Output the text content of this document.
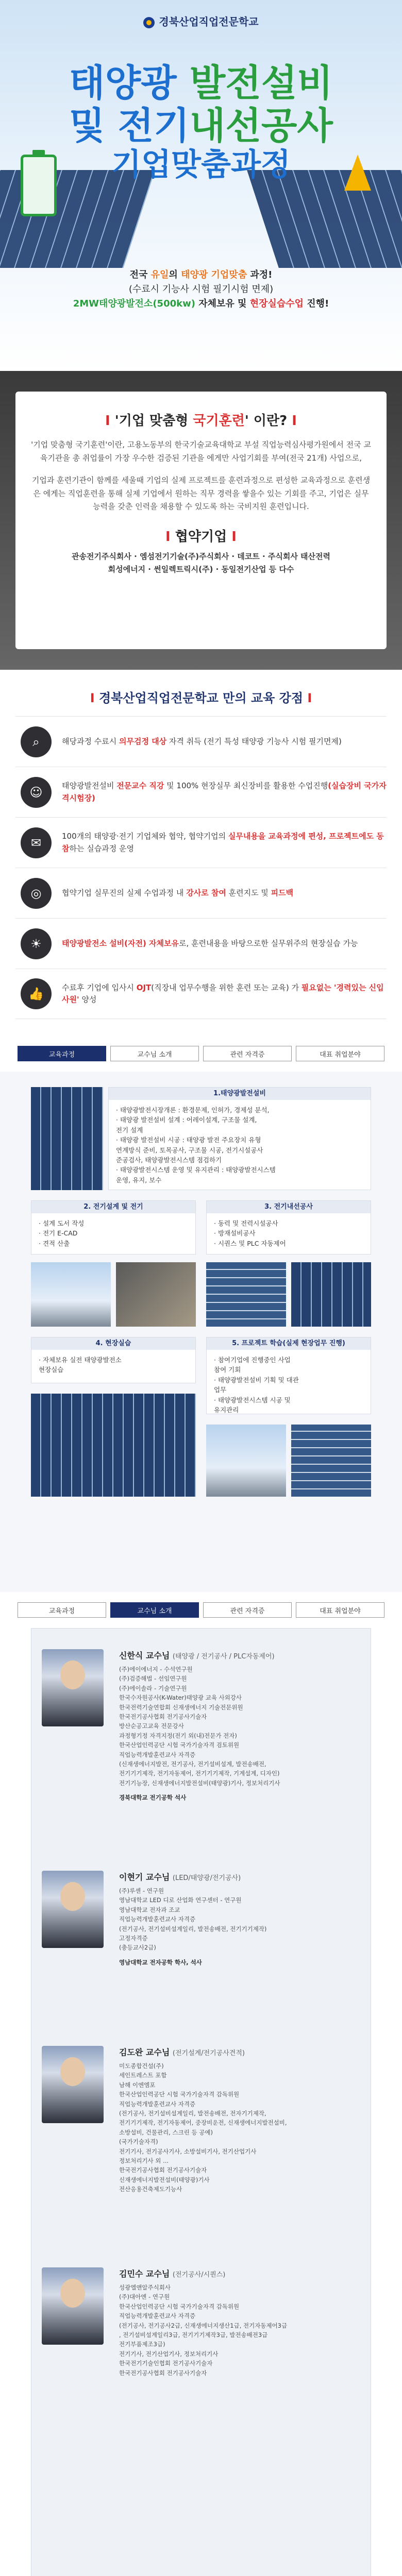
경북산업직업전문학교
태양광 발전설비
및 전기내선공사
기업맞춤과정
전국 유일의 태양광 기업맞춤 과정!
(수료시 기능사 시험 필기시험 면제)
2MW태양광발전소(500kw) 자체보유 및 현장실습수업 진행!
I '기업 맞춤형 국기훈련' 이란? I

'기업 맞춤형 국기훈련'이란, 고용노동부의 한국기술교육대학교 부설 직업능력심사평가원에서 전국 교육기관을 총 취업률이 가장 우수한 검증된 기관을 에게만 사업기회를 부여(전국 21개) 사업으로,

기업과 훈련기관이 함께를 세울때 기업의 실제 프로젝트를 훈련과정으로 편성한 교육과정으로 훈련생은 에게는 직업훈련을 통해 실제 기업에서 원하는 직무 경력을 쌓을수 있는 기회를 주고, 기업은 실무능력을 갖춘 인력을 채용할 수 있도록 하는 국비지원 훈련입니다.

I 협약기업 I
관송전기주식회사 · 엠섬전기기술(주)주식회사 · 데코트 · 주식회사 태산전력
회성에너지 · 썬일렉트릭시(주) · 동일전기산업 등 다수
I 경북산업직업전문학교 만의 교육 강점 I
⌕	해당과정 수료시 의무검정 대상 자격 취득 (전기 특성 태양광 기능사 시험 필기면제)
☺	태양광발전설비 전문교수 직강 및 100% 현장실무 최신장비를 활용한 수업진행(실습장비 국가자격시험장)
✉	100개의 태양광·전기 기업체와 협약, 협약기업의 실무내용을 교육과정에 편성, 프로젝트에도 동참하는 실습과정 운영
◎	협약기업 실무진의 실제 수업과정 내 강사로 참여 훈련지도 및 피드백
☀	태양광발전소 설비(자전) 자체보유로, 훈련내용을 바탕으로한 실무위주의 현장실습 가능
👍	수료후 기업에 입사시 OJT(직장내 업무수행을 위한 훈련 또는 교육) 가 필요없는 '경력있는 신입사원' 양성
교육과정	교수님 소개	관련 자격증	대표 취업분야
1.태양광발전설비
· 태양광발전시장개론 : 환경문제, 인허가, 경제성 분석,
· 태양광 발전설비 설계 : 어레이설계, 구조물 설계,
전기 설계
· 태양광 발전설비 시공 : 태양광 발전 주요장치 유형
연계방식 준비, 토목공사, 구조물 시공, 전기시설공사
준공검사, 태양광발전시스템 점검하기
· 태양광발전시스템 운영 및 유지관리 : 태양광발전시스템
운영, 유지, 보수
2. 전기설계 및 전기
· 설계 도서 작성
· 전기 E-CAD
· 견적 산출
3. 전기내선공사
· 동력 및 전력시설공사
· 방재설비공사
· 시퀀스 및 PLC 자동제어
4. 현장실습
· 자체보유 실전 태양광발전소
현장실습
5. 프로젝트 학습(실제 현장업무 진행)
· 참여기업에 진행중인 사업
참여 기회
· 태양광발전설비 기획 및 대관
업무
· 태양광발전시스템 시공 및
유지관리
교육과정	교수님 소개	관련 자격증	대표 취업분야
신한식 교수님 (태양광 / 전기공사 / PLC자동제어)
(주)에이에너지 - 수석연구원
(주)검증해법 - 선임연구원
(주)에이솔라 - 기술연구원
한국수자원공사(K-Water)태양광 교육 사외강사
한국전력기술연합회 신재생에너지 기술전문위원
한국전기공사협회 전기공사기술자
방산순공고교육 전문강사
과정형기정 자격지정(전기 외(내)전문가 전자)
한국산업인력공단 시험 국가기술자격 검토위원
직업능력개발훈련교사 자격증
(신재생에너지발전, 전기공사, 전기설비설계, 발전송배전,
전기기기제작, 전기자동제어, 전기기기제작, 기계설계, 디자인)
전기기능장, 신재생에너지발전설비(태양광)기사, 정보처리기사
경북대학교 전기공학 석사
이현기 교수님 (LED/태양광/전기공사)
(주)루센 - 연구원
영남대학교 LED 디로 산업화 연구센터 - 연구원
영남대학교 전자과 조교
직업능력개발훈련교사 자격증
(전기공사, 전기설비설계일리, 발전송배전, 전기기기제작)
고정자격증
(충등교사2급)
영남대학교 전자공학 학사, 석사
김도완 교수님 (전기설계/전기공사견적)
미도종합건설(주)
세인트레스트 포함
남해 이엔엠포
한국산업인력공단 시험 국가기술자격 감독위원
직업능력개발훈련교사 자격증
(전기공사, 전기설비설계일리, 발전송배전, 전자기기제작,
전기기기제작, 전기자동제어, 중장비운전, 신재생에너지발전설비,
소방설비, 건물관리, 스크린 등 공예)
(국가기술자격)
전기기사, 전기공사기사, 소방설비기사, 전기산업기사
정보처리기사 외 ...
한국전기공사협회 전기공사기술자
신재생에너지발전설비(태양광)기사
전산응용건축제도기능사
김민수 교수님 (전기공사/시퀀스)
성광엘앤알주식회사
(주)대아엔 - 연구원
한국산업인력공단 시험 국가기술자격 감독위원
직업능력개발훈련교사 자격증
(전기공사, 전기공사2급, 신재생에너지생산1급, 전기자동제어3급
, 전기설비설계일리3급, 전기기기제작3급, 발전송배전3급
전기부품제조3급)
전기기사, 전기산업기사, 정보처리기사
한국전기기술인협회 전기공사기술자
한국전기공사협회 전기공사기술자
